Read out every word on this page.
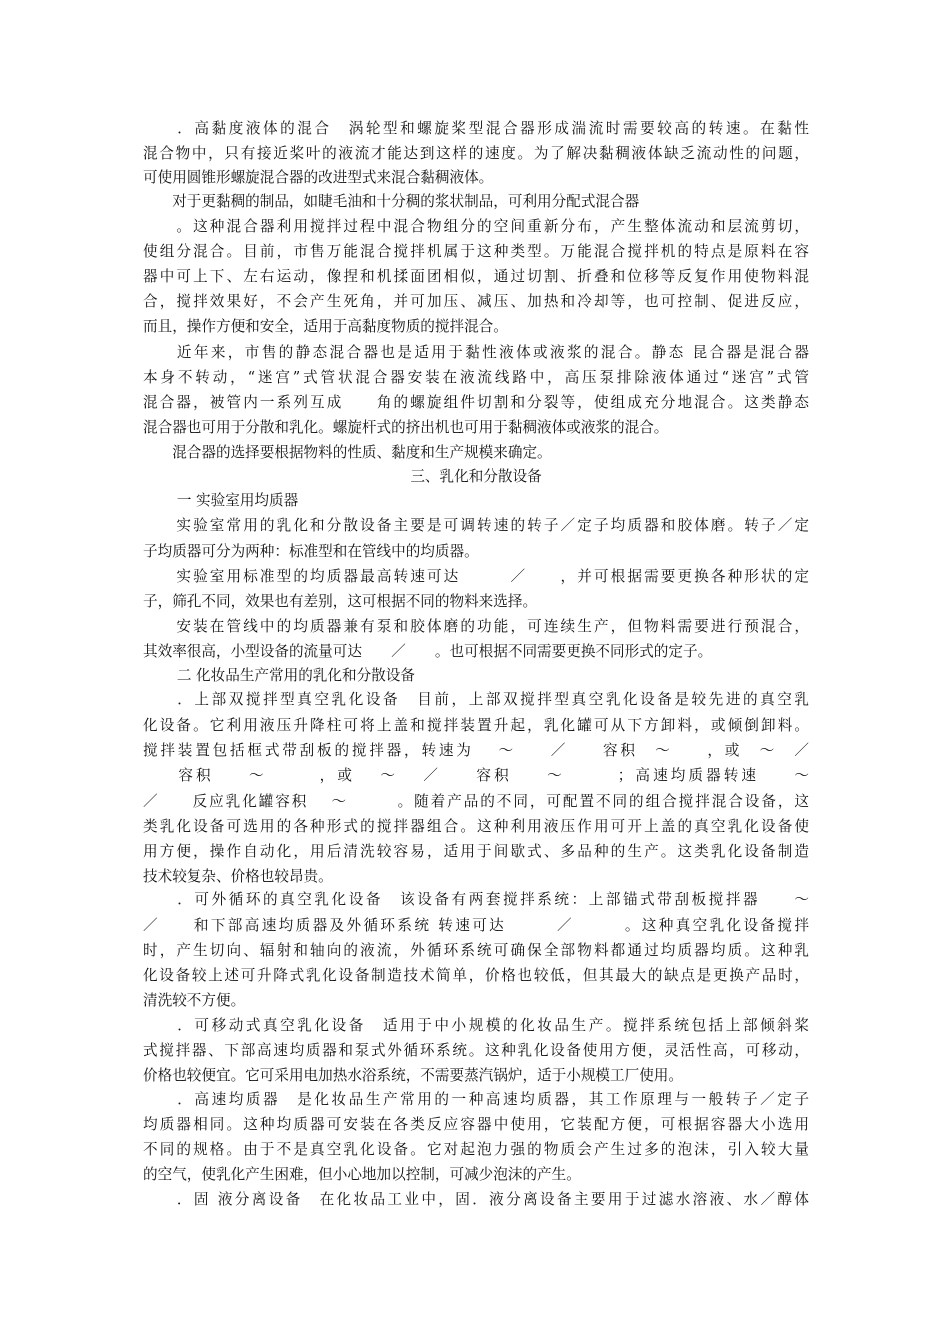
　　．高黏度液体的混合　涡轮型和螺旋桨型混合器形成湍流时需要较高的转速。在黏性
混合物中，只有接近桨叶的液流才能达到这样的速度。为了解决黏稠液体缺乏流动性的问题，
可使用圆锥形螺旋混合器的改进型式来混合黏稠液体。
　　对于更黏稠的制品，如睫毛油和十分稠的浆状制品，可利用分配式混合器
　　。这种混合器利用搅拌过程中混合物组分的空间重新分布，产生整体流动和层流剪切，
使组分混合。目前，市售万能混合搅拌机属于这种类型。万能混合搅拌机的特点是原料在容
器中可上下、左右运动，像捏和机揉面团相似，通过切割、折叠和位移等反复作用使物料混
合，搅拌效果好，不会产生死角，并可加压、减压、加热和冷却等，也可控制、促进反应，
而且，操作方便和安全，适用于高黏度物质的搅拌混合。
　　近年来，市售的静态混合器也是适用于黏性液体或液浆的混合。静态 昆合器是混合器
本身不转动，“迷宫”式管状混合器安装在液流线路中，高压泵排除液体通过“迷宫”式管
混合器，被管内一系列互成　　角的螺旋组件切割和分裂等，使组成充分地混合。这类静态
混合器也可用于分散和乳化。螺旋杆式的挤出机也可用于黏稠液体或液浆的混合。
　　混合器的选择要根据物料的性质、黏度和生产规模来确定。
三、乳化和分散设备
　　 一 实验室用均质器
　　实验室常用的乳化和分散设备主要是可调转速的转子／定子均质器和胶体磨。转子／定
子均质器可分为两种：标准型和在管线中的均质器。
　　实验室用标准型的均质器最高转速可达　　　／　　，并可根据需要更换各种形状的定
子，筛孔不同，效果也有差别，这可根据不同的物料来选择。
　　安装在管线中的均质器兼有泵和胶体磨的功能，可连续生产，但物料需要进行预混合，
其效率很高，小型设备的流量可达　　／　　。也可根据不同需要更换不同形式的定子。
　　 二 化妆品生产常用的乳化和分散设备
　　．上部双搅拌型真空乳化设备　目前，上部双搅拌型真空乳化设备是较先进的真空乳
化设备。它利用液压升降柱可将上盖和搅拌装置升起，乳化罐可从下方卸料，或倾倒卸料。
搅拌装置包括框式带刮板的搅拌器，转速为　 ～　　／　　容积　～　　，或　～　／
　　容积　　～　　　，或　 ～　 ／　　容积　　～　　　；高速均质器转速　　～
／　　反应乳化罐容积　 ～　　　。随着产品的不同，可配置不同的组合搅拌混合设备，这
类乳化设备可选用的各种形式的搅拌器组合。这种利用液压作用可开上盖的真空乳化设备使
用方便，操作自动化，用后清洗较容易，适用于间歇式、多品种的生产。这类乳化设备制造
技术较复杂、价格也较昂贵。
　　．可外循环的真空乳化设备　该设备有两套搅拌系统：上部锚式带刮板搅拌器　　～
／　　和下部高速均质器及外循环系统 转速可达　　　／　　　。这种真空乳化设备搅拌
时，产生切向、辐射和轴向的液流，外循环系统可确保全部物料都通过均质器均质。这种乳
化设备较上述可升降式乳化设备制造技术简单，价格也较低，但其最大的缺点是更换产品时，
清洗较不方便。
　　．可移动式真空乳化设备　适用于中小规模的化妆品生产。搅拌系统包括上部倾斜桨
式搅拌器、下部高速均质器和泵式外循环系统。这种乳化设备使用方便，灵活性高，可移动，
价格也较便宜。它可采用电加热水浴系统，不需要蒸汽锅炉，适于小规模工厂使用。
　　．高速均质器　是化妆品生产常用的一种高速均质器，其工作原理与一般转子／定子
均质器相同。这种均质器可安装在各类反应容器中使用，它装配方便，可根据容器大小选用
不同的规格。由于不是真空乳化设备。它对起泡力强的物质会产生过多的泡沫，引入较大量
的空气，使乳化产生困难，但小心地加以控制，可减少泡沫的产生。
　　．固 液分离设备　在化妆品工业中，固．液分离设备主要用于过滤水溶液、水／醇体
